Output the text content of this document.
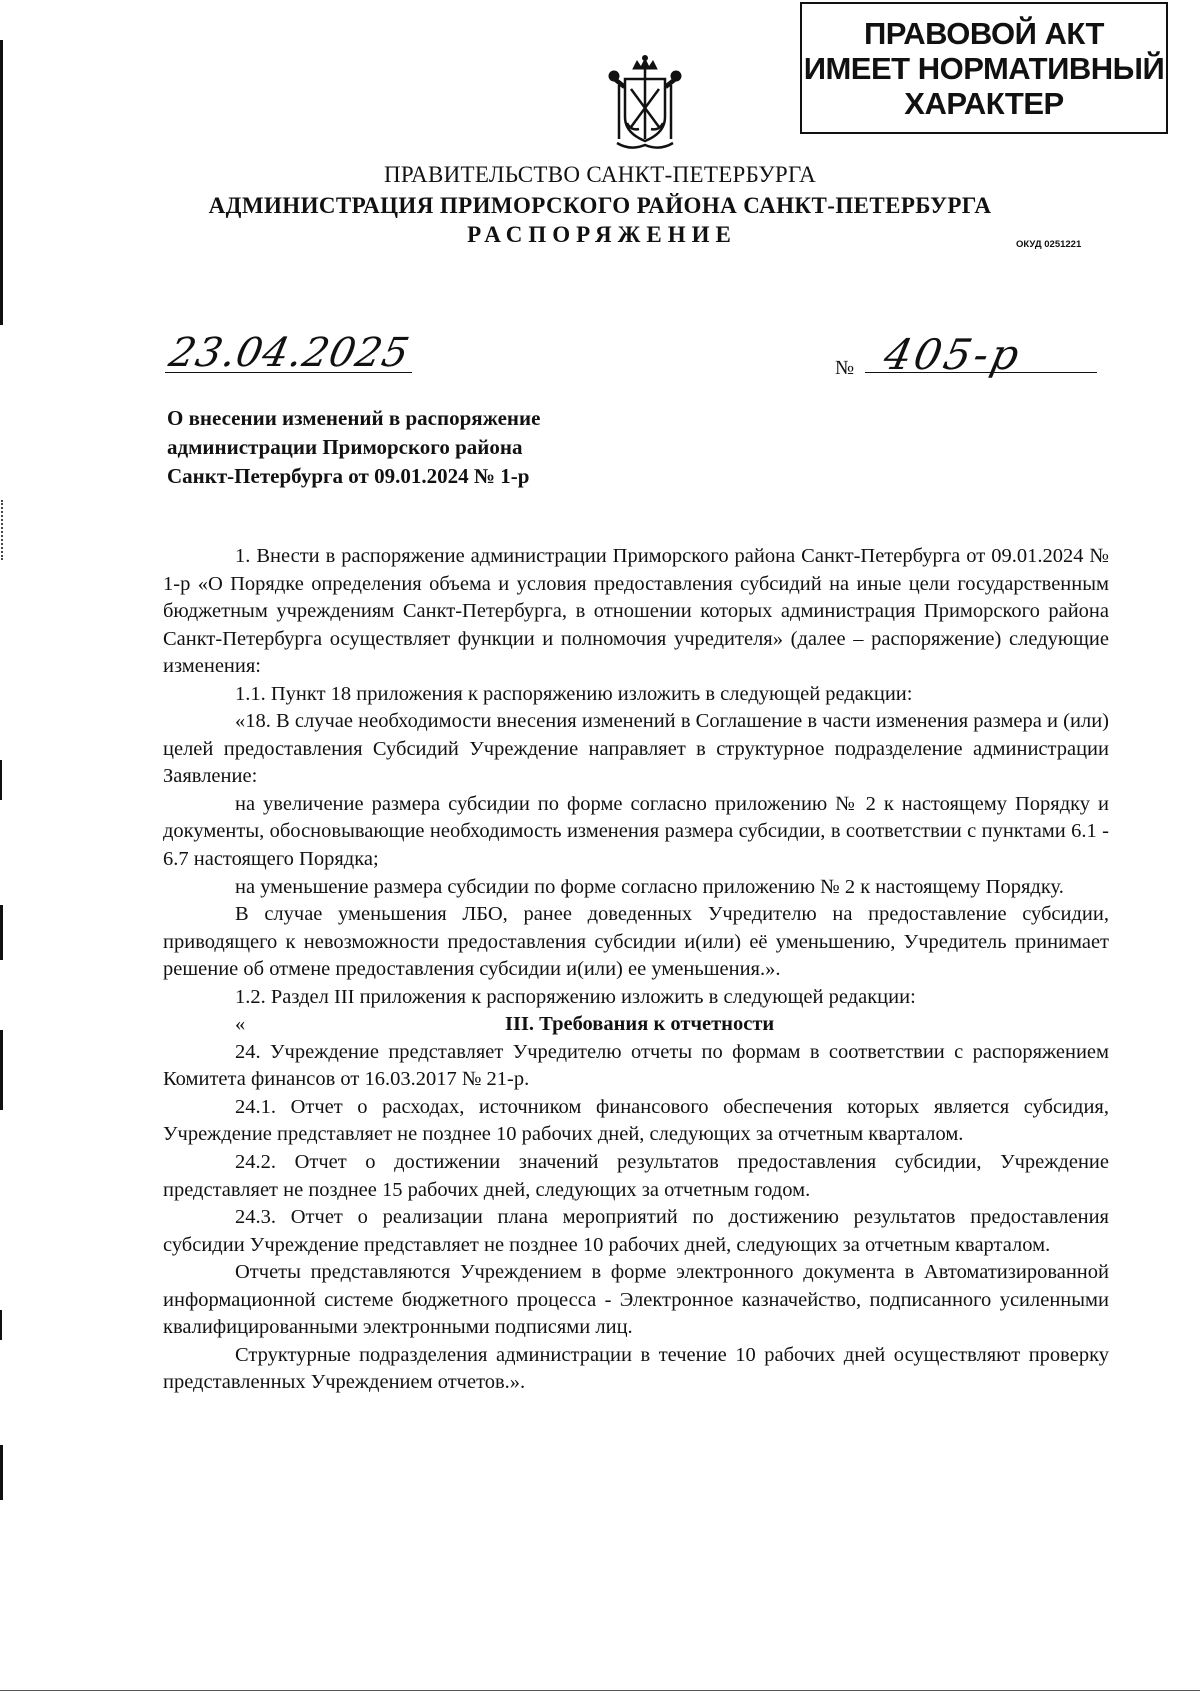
ПРАВОВОЙ АКТ
ИМЕЕТ НОРМАТИВНЫЙ
ХАРАКТЕР
ПРАВИТЕЛЬСТВО САНКТ-ПЕТЕРБУРГА
АДМИНИСТРАЦИЯ ПРИМОРСКОГО РАЙОНА САНКТ-ПЕТЕРБУРГА
РАСПОРЯЖЕНИЕ	ОКУД 0251221
23.04.2025	№ 405-р
О внесении изменений в распоряжение
администрации Приморского района
Санкт-Петербурга от 09.01.2024 № 1-р

1. Внести в распоряжение администрации Приморского района Санкт-Петербурга от 09.01.2024 № 1-р «О Порядке определения объема и условия предоставления субсидий на иные цели государственным бюджетным учреждениям Санкт-Петербурга, в отношении которых администрация Приморского района Санкт-Петербурга осуществляет функции и полномочия учредителя» (далее – распоряжение) следующие изменения:

1.1. Пункт 18 приложения к распоряжению изложить в следующей редакции:

«18. В случае необходимости внесения изменений в Соглашение в части изменения размера и (или) целей предоставления Субсидий Учреждение направляет в структурное подразделение администрации Заявление:

на увеличение размера субсидии по форме согласно приложению № 2 к настоящему Порядку и документы, обосновывающие необходимость изменения размера субсидии, в соответствии с пунктами 6.1 - 6.7 настоящего Порядка;

на уменьшение размера субсидии по форме согласно приложению № 2 к настоящему Порядку.

В случае уменьшения ЛБО, ранее доведенных Учредителю на предоставление субсидии, приводящего к невозможности предоставления субсидии и(или) её уменьшению, Учредитель принимает решение об отмене предоставления субсидии и(или) ее уменьшения.».

1.2. Раздел III приложения к распоряжению изложить в следующей редакции:

«	III. Требования к отчетности

24. Учреждение представляет Учредителю отчеты по формам в соответствии с распоряжением Комитета финансов от 16.03.2017 № 21-р.

24.1. Отчет о расходах, источником финансового обеспечения которых является субсидия, Учреждение представляет не позднее 10 рабочих дней, следующих за отчетным кварталом.

24.2. Отчет о достижении значений результатов предоставления субсидии, Учреждение представляет не позднее 15 рабочих дней, следующих за отчетным годом.

24.3. Отчет о реализации плана мероприятий по достижению результатов предоставления субсидии Учреждение представляет не позднее 10 рабочих дней, следующих за отчетным кварталом.

Отчеты представляются Учреждением в форме электронного документа в Автоматизированной информационной системе бюджетного процесса - Электронное казначейство, подписанного усиленными квалифицированными электронными подписями лиц.

Структурные подразделения администрации в течение 10 рабочих дней осуществляют проверку представленных Учреждением отчетов.».
